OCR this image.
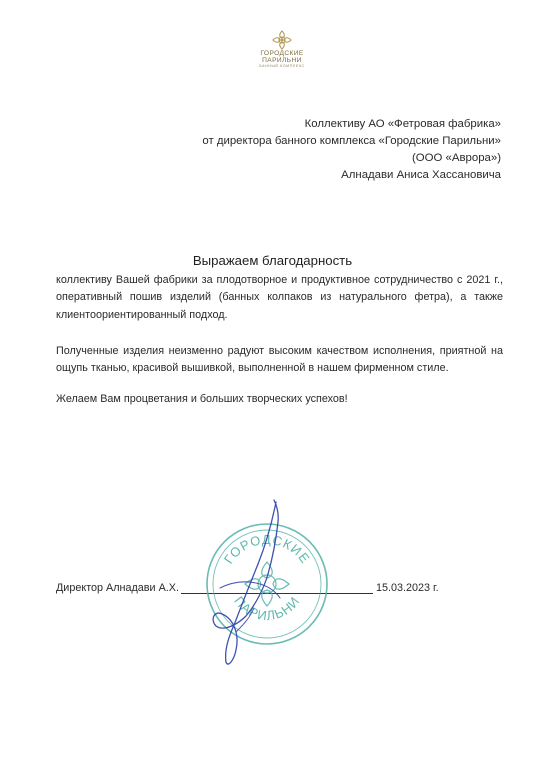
ГОРОДСКИЕ
ПАРИЛЬНИ
БАННЫЙ КОМПЛЕКС
Коллективу АО «Фетровая фабрика»
от директора банного комплекса «Городские Парильни»
(ООО «Аврора»)
Алнадави Аниса Хассановича
Выражаем благодарность
коллективу Вашей фабрики за плодотворное и продуктивное сотрудничество с 2021 г., оперативный пошив изделий (банных колпаков из натурального фетра), а также клиентоориентированный подход.
Полученные изделия неизменно радуют высоким качеством исполнения, приятной на ощупь тканью, красивой вышивкой, выполненной в нашем фирменном стиле.
Желаем Вам процветания и больших творческих успехов!
Директор Алнадави А.Х.	15.03.2023 г.
ГОРОДСКИЕ
ПАРИЛЬНИ
